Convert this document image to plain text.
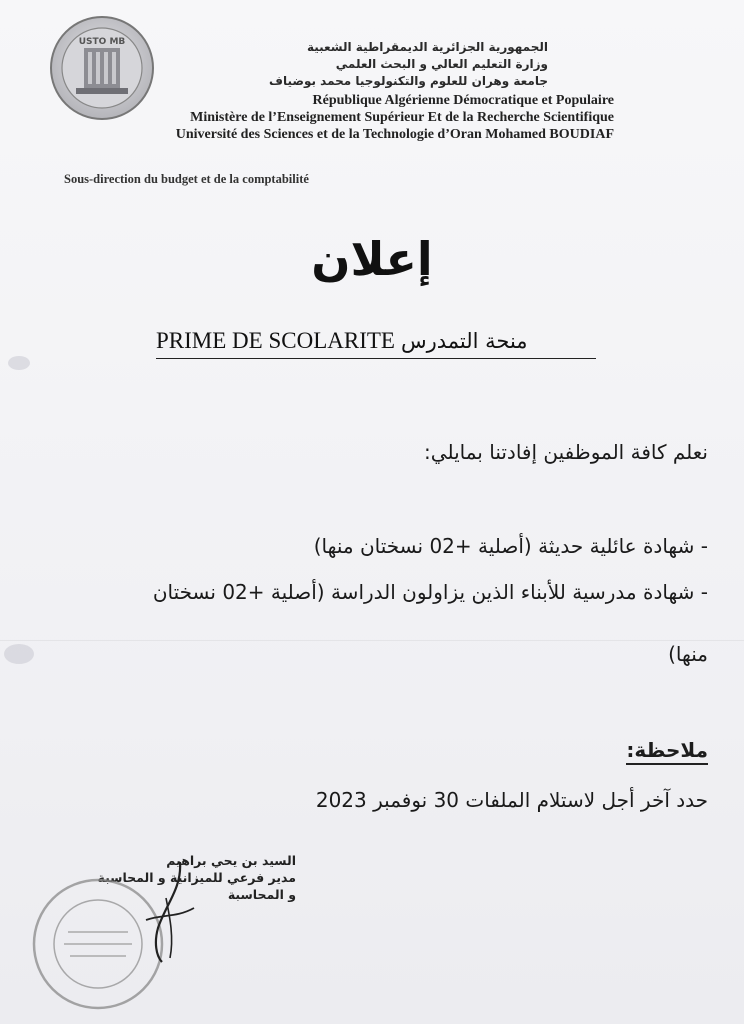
USTO MB	الجمهورية الجزائرية الديمقراطية الشعبية
وزارة التعليم العالي و البحث العلمي
جامعة وهران للعلوم والتكنولوجيا محمد بوضياف
République Algérienne Démocratique et Populaire
Ministère de l’Enseignement Supérieur Et de la Recherche Scientifique
Université des Sciences et de la Technologie d’Oran Mohamed BOUDIAF
Sous-direction du budget et de la comptabilité
إعلان
PRIME DE SCOLARITE منحة التمدرس
نعلم كافة الموظفين إفادتنا بمايلي:
- شهادة عائلية حديثة (أصلية +02 نسختان منها)
- شهادة مدرسية للأبناء الذين يزاولون الدراسة (أصلية +02 نسختان
منها)
ملاحظة:
حدد آخر أجل لاستلام الملفات 30 نوفمبر 2023
السيد بن يحي براهيم
مدير فرعي للميزانية و المحاسبة
و المحاسبة
